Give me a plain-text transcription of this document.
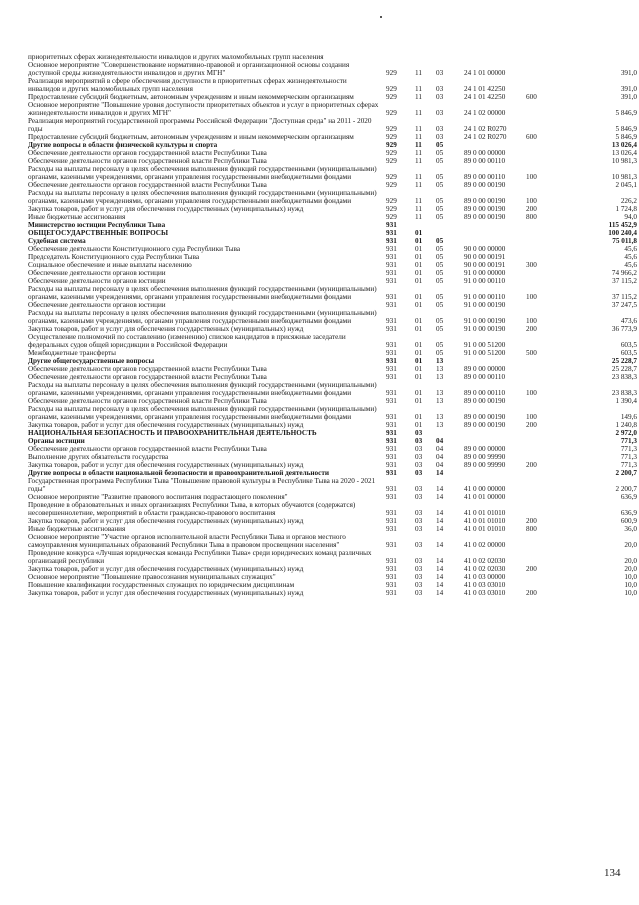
приоритетных сферах жизнедеятельности инвалидов и других маломобильных групп населения						
Основное мероприятие "Совершенствование нормативно-правовой и организационной основы создания доступной среды жизнедеятельности инвалидов и других МГН"	929	11	03	24 1 01 00000		391,0
Реализация мероприятий в сфере обеспечения доступности в приоритетных сферах жизнедеятельности инвалидов и других маломобильных групп населения	929	11	03	24 1 01 42250		391,0
Предоставление субсидий бюджетным, автономным учреждениям и иным некоммерческим организациям	929	11	03	24 1 01 42250	600	391,0
Основное мероприятие "Повышение уровня доступности приоритетных объектов и услуг в приоритетных сферах жизнедеятельности инвалидов и других МГН"	929	11	03	24 1 02 00000		5 846,9
Реализация мероприятий государственной программы Российской Федерации "Доступная среда" на 2011 - 2020 годы	929	11	03	24 1 02 R0270		5 846,9
Предоставление субсидий бюджетным, автономным учреждениям и иным некоммерческим организациям	929	11	03	24 1 02 R0270	600	5 846,9
Другие вопросы в области физической культуры и спорта	929	11	05			13 026,4
Обеспечение деятельности органов государственной власти Республики Тыва	929	11	05	89 0 00 00000		13 026,4
Обеспечение деятельности органов государственной власти Республики Тыва	929	11	05	89 0 00 00110		10 981,3
Расходы на выплаты персоналу в целях обеспечения выполнения функций государственными (муниципальными) органами, казенными учреждениями, органами управления государственными внебюджетными фондами	929	11	05	89 0 00 00110	100	10 981,3
Обеспечение деятельности органов государственной власти Республики Тыва	929	11	05	89 0 00 00190		2 045,1
Расходы на выплаты персоналу в целях обеспечения выполнения функций государственными (муниципальными) органами, казенными учреждениями, органами управления государственными внебюджетными фондами	929	11	05	89 0 00 00190	100	226,2
Закупка товаров, работ и услуг для обеспечения государственных (муниципальных) нужд	929	11	05	89 0 00 00190	200	1 724,8
Иные бюджетные ассигнования	929	11	05	89 0 00 00190	800	94,0
Министерство юстиции Республики Тыва	931					115 452,9
ОБЩЕГОСУДАРСТВЕННЫЕ ВОПРОСЫ	931	01				100 240,4
Судебная система	931	01	05			75 011,8
Обеспечение деятельности Конституционного суда Республики Тыва	931	01	05	90 0 00 00000		45,6
Председатель Конституционного суда Республики Тыва	931	01	05	90 0 00 00191		45,6
Социальное обеспечение и иные выплаты населению	931	01	05	90 0 00 00191	300	45,6
Обеспечение деятельности органов юстиции	931	01	05	91 0 00 00000		74 966,2
Обеспечение деятельности органов юстиции	931	01	05	91 0 00 00110		37 115,2
Расходы на выплаты персоналу в целях обеспечения выполнения функций государственными (муниципальными) органами, казенными учреждениями, органами управления государственными внебюджетными фондами	931	01	05	91 0 00 00110	100	37 115,2
Обеспечение деятельности органов юстиции	931	01	05	91 0 00 00190		37 247,5
Расходы на выплаты персоналу в целях обеспечения выполнения функций государственными (муниципальными) органами, казенными учреждениями, органами управления государственными внебюджетными фондами	931	01	05	91 0 00 00190	100	473,6
Закупка товаров, работ и услуг для обеспечения государственных (муниципальных) нужд	931	01	05	91 0 00 00190	200	36 773,9
Осуществление полномочий по составлению (изменению) списков кандидатов в присяжные заседатели федеральных судов общей юрисдикции в Российской Федерации	931	01	05	91 0 00 51200		603,5
Межбюджетные трансферты	931	01	05	91 0 00 51200	500	603,5
Другие общегосударственные вопросы	931	01	13			25 228,7
Обеспечение деятельности органов государственной власти Республики Тыва	931	01	13	89 0 00 00000		25 228,7
Обеспечение деятельности органов государственной власти Республики Тыва	931	01	13	89 0 00 00110		23 838,3
Расходы на выплаты персоналу в целях обеспечения выполнения функций государственными (муниципальными) органами, казенными учреждениями, органами управления государственными внебюджетными фондами	931	01	13	89 0 00 00110	100	23 838,3
Обеспечение деятельности органов государственной власти Республики Тыва	931	01	13	89 0 00 00190		1 390,4
Расходы на выплаты персоналу в целях обеспечения выполнения функций государственными (муниципальными) органами, казенными учреждениями, органами управления государственными внебюджетными фондами	931	01	13	89 0 00 00190	100	149,6
Закупка товаров, работ и услуг для обеспечения государственных (муниципальных) нужд	931	01	13	89 0 00 00190	200	1 240,8
НАЦИОНАЛЬНАЯ БЕЗОПАСНОСТЬ И ПРАВООХРАНИТЕЛЬНАЯ ДЕЯТЕЛЬНОСТЬ	931	03				2 972,0
Органы юстиции	931	03	04			771,3
Обеспечение деятельности органов государственной власти Республики Тыва	931	03	04	89 0 00 00000		771,3
Выполнение других обязательств государства	931	03	04	89 0 00 99990		771,3
Закупка товаров, работ и услуг для обеспечения государственных (муниципальных) нужд	931	03	04	89 0 00 99990	200	771,3
Другие вопросы в области национальной безопасности и правоохранительной деятельности	931	03	14			2 200,7
Государственная программа Республики Тыва "Повышение правовой культуры в Республике Тыва на 2020 - 2021 годы"	931	03	14	41 0 00 00000		2 200,7
Основное мероприятие "Развитие правового воспитания подрастающего поколения"	931	03	14	41 0 01 00000		636,9
Проведение в образовательных и иных организациях Республики Тыва, в которых обучаются (содержатся) несовершеннолетние, мероприятий в области гражданско-правового воспитания	931	03	14	41 0 01 01010		636,9
Закупка товаров, работ и услуг для обеспечения государственных (муниципальных) нужд	931	03	14	41 0 01 01010	200	600,9
Иные бюджетные ассигнования	931	03	14	41 0 01 01010	800	36,0
Основное мероприятие "Участие органов исполнительной власти Республики Тыва и органов местного самоуправления муниципальных образований Республики Тыва в правовом просвещении населения"	931	03	14	41 0 02 00000		20,0
Проведение конкурса «Лучшая юридическая команда Республики Тыва» среди юридических команд различных организаций республики	931	03	14	41 0 02 02030		20,0
Закупка товаров, работ и услуг для обеспечения государственных (муниципальных) нужд	931	03	14	41 0 02 02030	200	20,0
Основное мероприятие "Повышение правосознания муниципальных служащих"	931	03	14	41 0 03 00000		10,0
Повышение квалификации государственных служащих по юридическим дисциплинам	931	03	14	41 0 03 03010		10,0
Закупка товаров, работ и услуг для обеспечения государственных (муниципальных) нужд	931	03	14	41 0 03 03010	200	10,0
134
